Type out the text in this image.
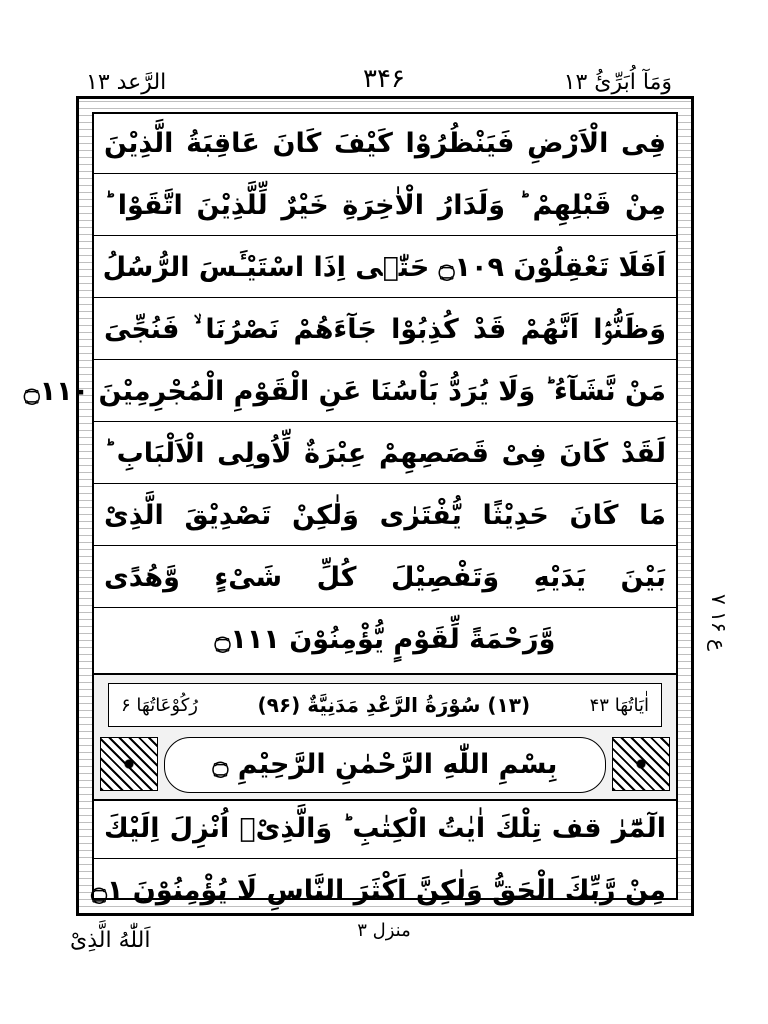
وَمَآ اُبَرِّئُ ۱۳
۳۴۶
الرَّعد ۱۳
فِی الْاَرْضِ فَيَنْظُرُوْا كَيْفَ كَانَ عَاقِبَةُ الَّذِيْنَ
مِنْ قَبْلِهِمْ ؕ وَلَدَارُ الْاٰخِرَةِ خَيْرٌ لِّلَّذِيْنَ اتَّقَوْا ؕ
اَفَلَا تَعْقِلُوْنَ ۝۱۰۹ حَتّٰۤى اِذَا اسْتَيْـَٔسَ الرُّسُلُ
وَظَنُّوْۤا اَنَّهُمْ قَدْ كُذِبُوْا جَآءَهُمْ نَصْرُنَا ۙ فَنُجِّیَ
مَنْ نَّشَآءُ ؕ وَلَا يُرَدُّ بَاْسُنَا عَنِ الْقَوْمِ الْمُجْرِمِيْنَ ۝۱۱۰
لَقَدْ كَانَ فِیْ قَصَصِهِمْ عِبْرَةٌ لِّاُولِی الْاَلْبَابِ ؕ
مَا كَانَ حَدِيْثًا يُّفْتَرٰى وَلٰكِنْ تَصْدِيْقَ الَّذِیْ
بَيْنَ يَدَيْهِ وَتَفْصِيْلَ كُلِّ شَیْءٍ وَّهُدًى
وَّرَحْمَةً لِّقَوْمٍ يُّؤْمِنُوْنَ ۝۱۱۱
اٰيَاتُهَا ۴۳
(۱۳) سُوْرَةُ الرَّعْدِ مَدَنِيَّةٌ (۹۶)
رُكُوْعَاتُهَا ۶
بِسْمِ اللّٰهِ الرَّحْمٰنِ الرَّحِيْمِ ۝
الٓمّٓرٰ قف تِلْكَ اٰيٰتُ الْكِتٰبِ ؕ وَالَّذِیْۤ اُنْزِلَ اِلَيْكَ
مِنْ رَّبِّكَ الْحَقُّ وَلٰكِنَّ اَكْثَرَ النَّاسِ لَا يُؤْمِنُوْنَ ۝۱
ع ۱۶ ۷
اَللّٰهُ الَّذِیْ	منزل ۳
